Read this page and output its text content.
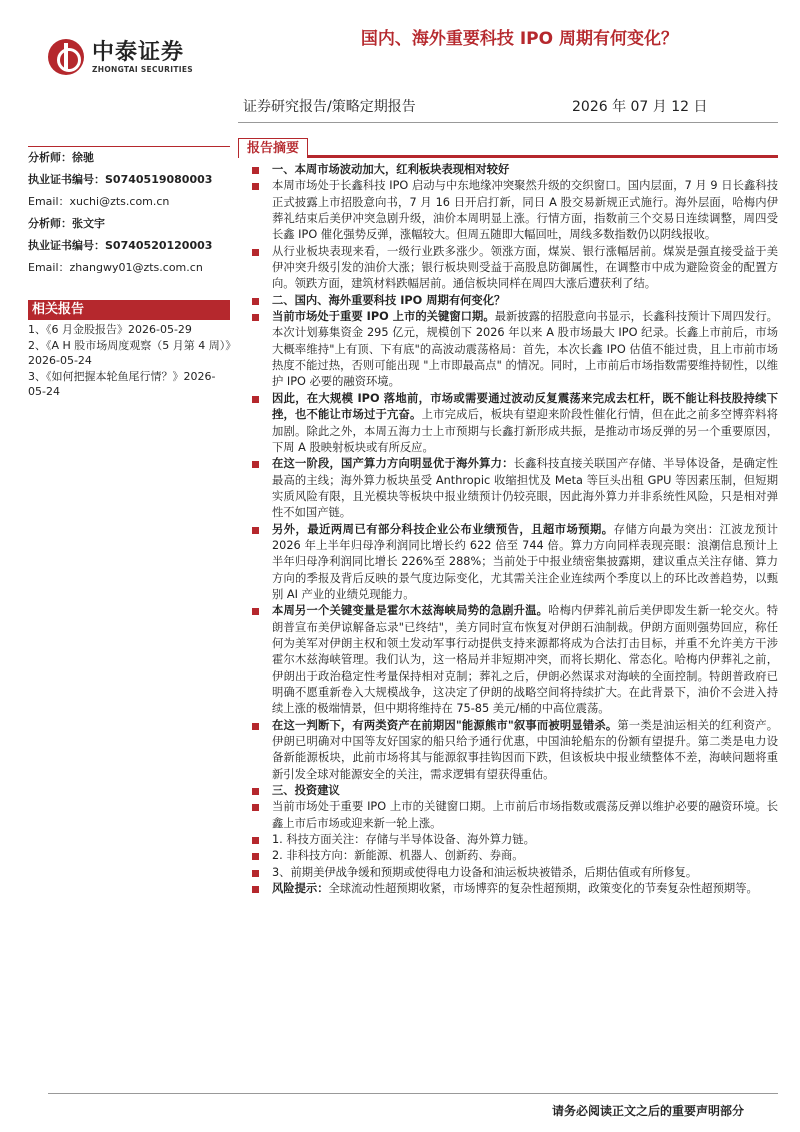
中泰证券
ZHONGTAI SECURITIES
国内、海外重要科技 IPO 周期有何变化？
证券研究报告/策略定期报告	2026 年 07 月 12 日
分析师：徐驰
执业证书编号：S0740519080003
Email：xuchi@zts.com.cn
分析师：张文宇
执业证书编号：S0740520120003
Email：zhangwy01@zts.com.cn
相关报告
1、《6 月金股报告》2026-05-29
2、《A H 股市场周度观察（5 月第 4 周）》2026-05-24
3、《如何把握本轮鱼尾行情？》2026-05-24
报告摘要
一、本周市场波动加大，红利板块表现相对较好
本周市场处于长鑫科技 IPO 启动与中东地缘冲突聚然升级的交织窗口。国内层面，7 月 9 日长鑫科技正式披露上市招股意向书，7 月 16 日开启打新，同日 A 股交易新规正式施行。海外层面，哈梅内伊葬礼结束后美伊冲突急剧升级，油价本周明显上涨。行情方面，指数前三个交易日连续调整，周四受长鑫 IPO 催化强势反弹，涨幅较大。但周五随即大幅回吐，周线多数指数仍以阴线报收。
从行业板块表现来看，一级行业跌多涨少。领涨方面，煤炭、银行涨幅居前。煤炭是强直接受益于美伊冲突升级引发的油价大涨；银行板块则受益于高股息防御属性，在调整市中成为避险资金的配置方向。领跌方面，建筑材料跌幅居前。通信板块同样在周四大涨后遭获利了结。
二、国内、海外重要科技 IPO 周期有何变化？
当前市场处于重要 IPO 上市的关键窗口期。最新披露的招股意向书显示，长鑫科技预计下周四发行。本次计划募集资金 295 亿元，规模创下 2026 年以来 A 股市场最大 IPO 纪录。长鑫上市前后，市场大概率维持"上有顶、下有底"的高波动震荡格局：首先，本次长鑫 IPO 估值不能过贵，且上市前市场热度不能过热，否则可能出现 "上市即最高点" 的情况。同时，上市前后市场指数需要维持韧性，以维护 IPO 必要的融资环境。
因此，在大规模 IPO 落地前，市场或需要通过波动反复震荡来完成去杠杆，既不能让科技股持续下挫，也不能让市场过于亢奋。上市完成后，板块有望迎来阶段性催化行情，但在此之前多空博弈料将加剧。除此之外，本周五海力士上市预期与长鑫打新形成共振，是推动市场反弹的另一个重要原因，下周 A 股映射板块或有所反应。
在这一阶段，国产算力方向明显优于海外算力：长鑫科技直接关联国产存储、半导体设备，是确定性最高的主线；海外算力板块虽受 Anthropic 收缩担忧及 Meta 等巨头出租 GPU 等因素压制，但短期实质风险有限，且光模块等板块中报业绩预计仍较亮眼，因此海外算力并非系统性风险，只是相对弹性不如国产链。
另外，最近两周已有部分科技企业公布业绩预告，且超市场预期。存储方向最为突出：江波龙预计 2026 年上半年归母净利润同比增长约 622 倍至 744 倍。算力方向同样表现亮眼：浪潮信息预计上半年归母净利润同比增长 226%至 288%；当前处于中报业绩密集披露期，建议重点关注存储、算力方向的季报及背后反映的景气度边际变化，尤其需关注企业连续两个季度以上的环比改善趋势，以甄别 AI 产业的业绩兑现能力。
本周另一个关键变量是霍尔木兹海峡局势的急剧升温。哈梅内伊葬礼前后美伊即发生新一轮交火。特朗普宣布美伊谅解备忘录"已终结"，美方同时宣布恢复对伊朗石油制裁。伊朗方面则强势回应，称任何为美军对伊朗主权和领土发动军事行动提供支持来源都将成为合法打击目标，并重不允许美方干涉霍尔木兹海峡管理。我们认为，这一格局并非短期冲突，而将长期化、常态化。哈梅内伊葬礼之前，伊朗出于政治稳定性考量保持相对克制；葬礼之后，伊朗必然谋求对海峡的全面控制。特朗普政府已明确不愿重新卷入大规模战争，这决定了伊朗的战略空间将持续扩大。在此背景下，油价不会进入持续上涨的极端情景，但中期将维持在 75-85 美元/桶的中高位震荡。
在这一判断下，有两类资产在前期因"能源熊市"叙事而被明显错杀。第一类是油运相关的红利资产。伊朗已明确对中国等友好国家的船只给予通行优惠，中国油轮船东的份额有望提升。第二类是电力设备新能源板块，此前市场将其与能源叙事挂钩因而下跌，但该板块中报业绩整体不差，海峡问题将重新引发全球对能源安全的关注，需求逻辑有望获得重估。
三、投资建议
当前市场处于重要 IPO 上市的关键窗口期。上市前后市场指数或震荡反弹以维护必要的融资环境。长鑫上市后市场或迎来新一轮上涨。
1. 科技方面关注：存储与半导体设备、海外算力链。
2. 非科技方向：新能源、机器人、创新药、券商。
3、前期美伊战争缓和预期或使得电力设备和油运板块被错杀，后期估值或有所修复。
风险提示：全球流动性超预期收紧，市场博弈的复杂性超预期，政策变化的节奏复杂性超预期等。
请务必阅读正文之后的重要声明部分
